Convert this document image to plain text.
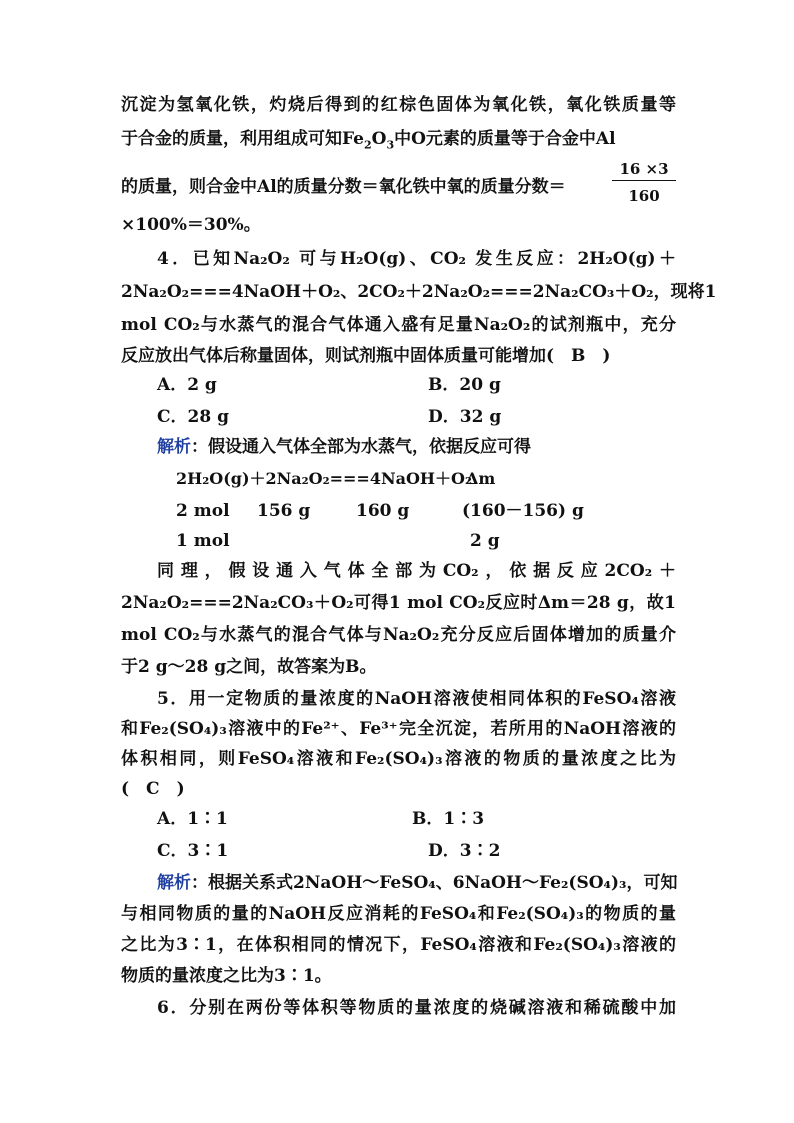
沉淀为氢氧化铁，灼烧后得到的红棕色固体为氧化铁，氧化铁质量等
于合金的质量，利用组成可知$Fe_2O_3$中O元素的质量等于合金中Al
的质量，则合金中Al的质量分数＝氧化铁中氧的质量分数＝	$\frac{16 \times 3}{160}$
×100%＝30%。
4．已知Na₂O₂ 可与H₂O(g)、CO₂ 发生反应：2H₂O(g)＋
2Na₂O₂===4NaOH＋O₂、2CO₂＋2Na₂O₂===2Na₂CO₃＋O₂，现将1
mol CO₂与水蒸气的混合气体通入盛有足量Na₂O₂的试剂瓶中，充分
反应放出气体后称量固体，则试剂瓶中固体质量可能增加(　B　)
A．2 g	B．20 g
C．28 g	D．32 g
解析：假设通入气体全部为水蒸气，依据反应可得
2H₂O(g)＋2Na₂O₂===4NaOH＋O₂
Δm
2 mol 156 g	160 g	(160－156) g
1 mol	2 g
同理，假设通入气体全部为CO₂，依据反应2CO₂＋
2Na₂O₂===2Na₂CO₃＋O₂可得1 mol CO₂反应时Δm＝28 g，故1
mol CO₂与水蒸气的混合气体与Na₂O₂充分反应后固体增加的质量介
于2 g～28 g之间，故答案为B。
5．用一定物质的量浓度的NaOH溶液使相同体积的FeSO₄溶液
和Fe₂(SO₄)₃溶液中的Fe²⁺、Fe³⁺完全沉淀，若所用的NaOH溶液的
体积相同，则FeSO₄溶液和Fe₂(SO₄)₃溶液的物质的量浓度之比为
(　C　)
A．1∶1	B．1∶3
C．3∶1	D．3∶2
解析：根据关系式2NaOH～FeSO₄、6NaOH～Fe₂(SO₄)₃，可知
与相同物质的量的NaOH反应消耗的FeSO₄和Fe₂(SO₄)₃的物质的量
之比为3∶1，在体积相同的情况下，FeSO₄溶液和Fe₂(SO₄)₃溶液的
物质的量浓度之比为3∶1。
6．分别在两份等体积等物质的量浓度的烧碱溶液和稀硫酸中加
